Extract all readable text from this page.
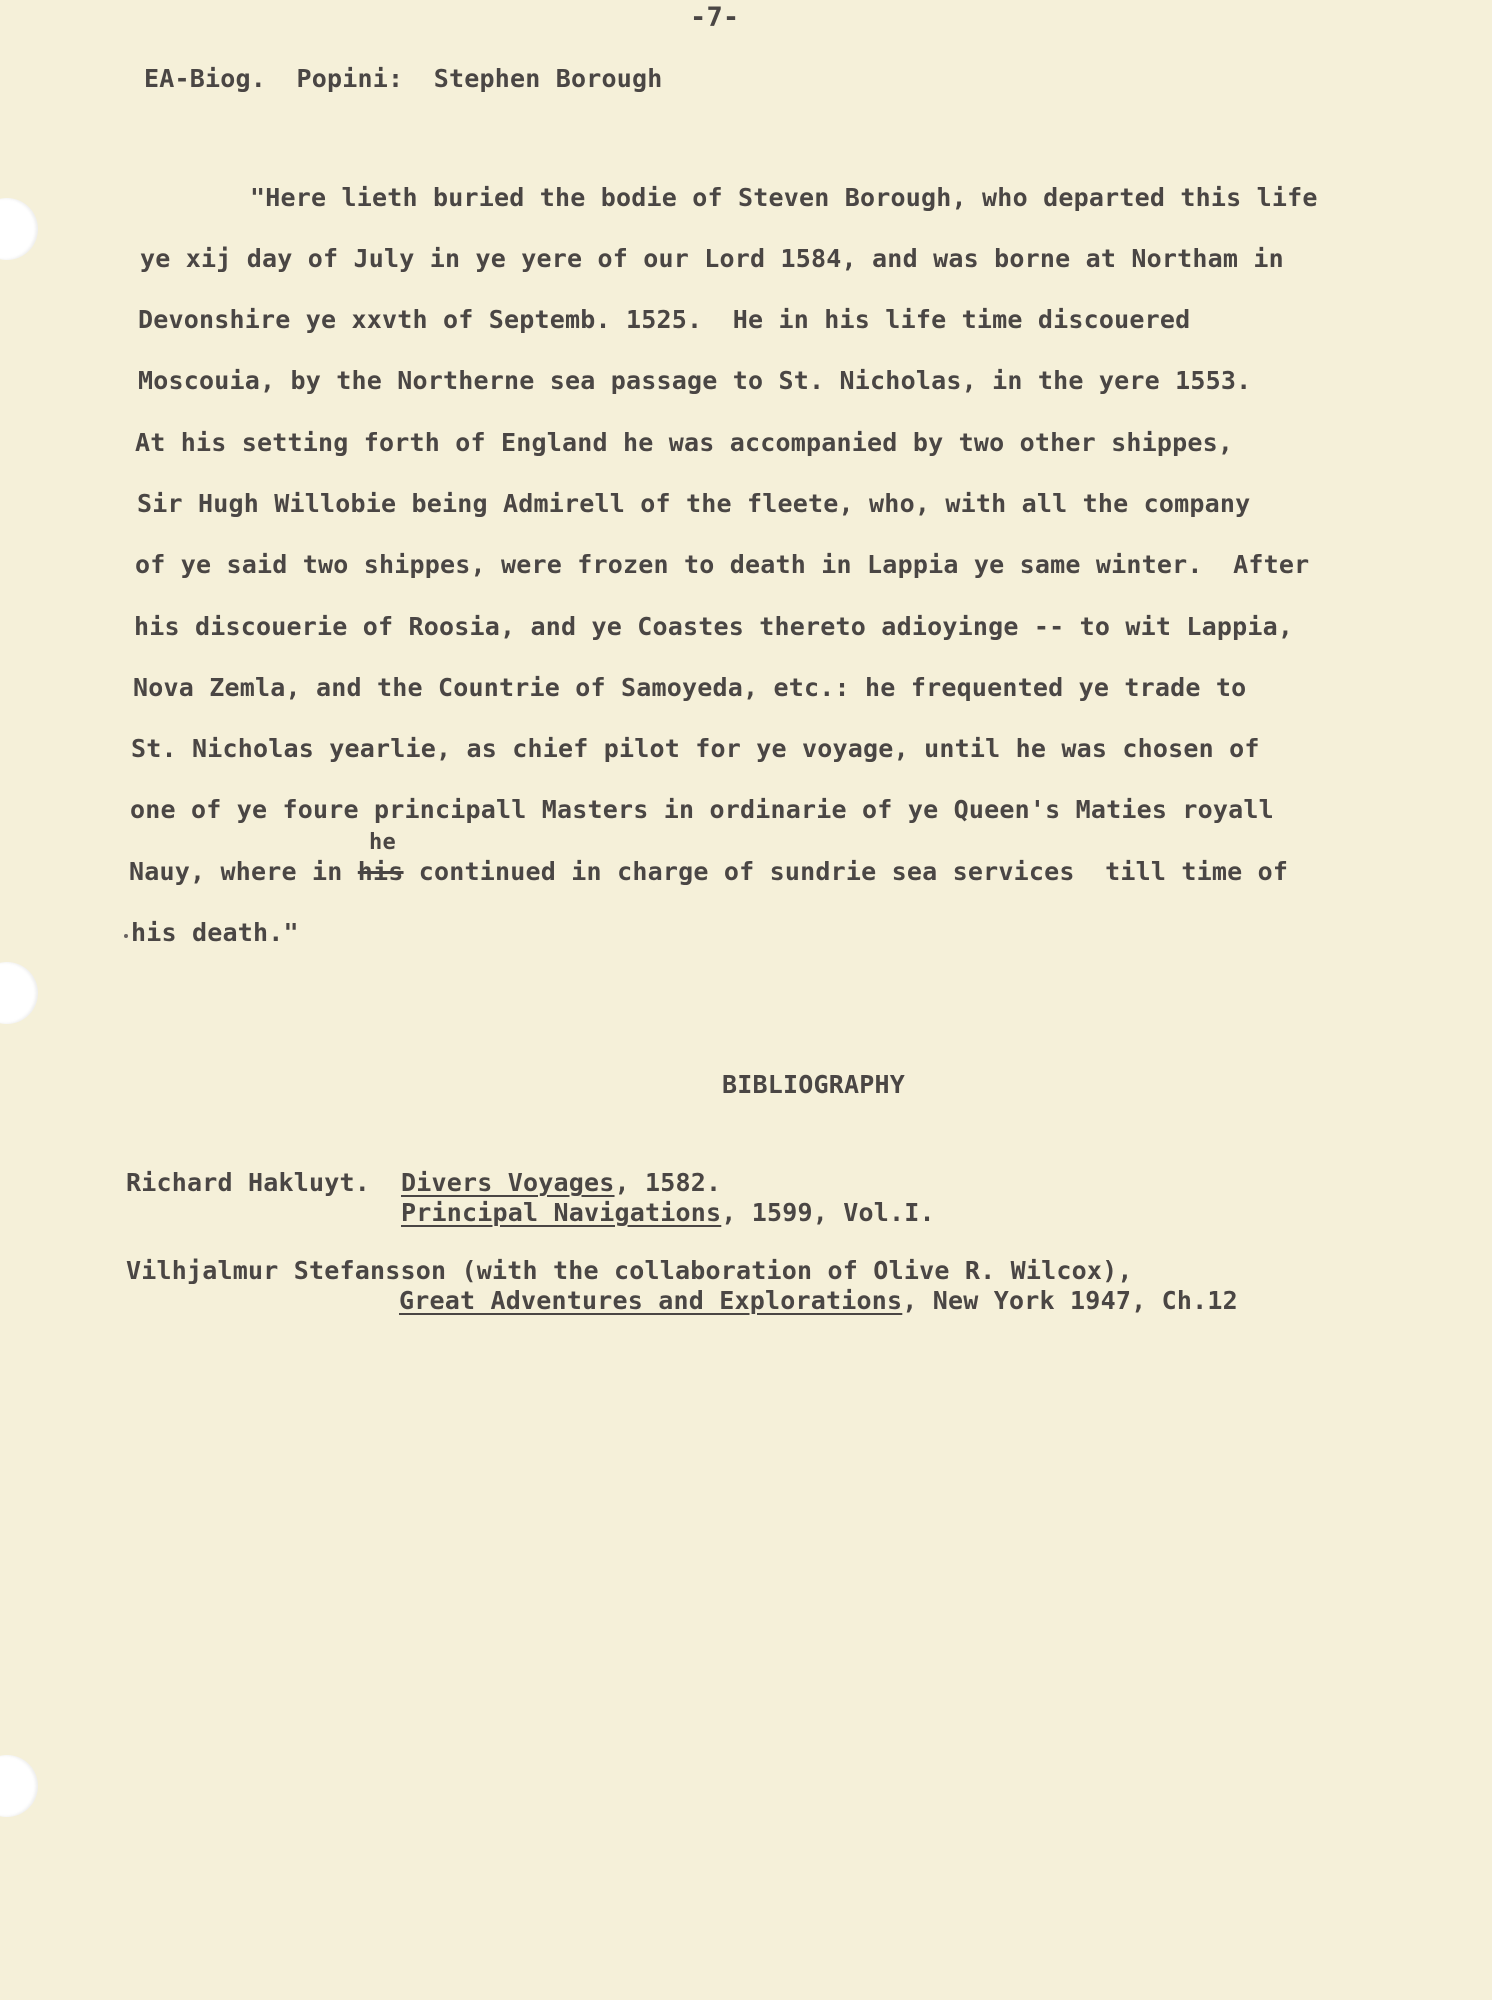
-7-
EA-Biog.  Popini:  Stephen Borough
"Here lieth buried the bodie of Steven Borough, who departed this life
ye xij day of July in ye yere of our Lord 1584, and was borne at Northam in
Devonshire ye xxvth of Septemb. 1525.  He in his life time discouered
Moscouia, by the Northerne sea passage to St. Nicholas, in the yere 1553.
At his setting forth of England he was accompanied by two other shippes,
Sir Hugh Willobie being Admirell of the fleete, who, with all the company
of ye said two shippes, were frozen to death in Lappia ye same winter.  After
his discouerie of Roosia, and ye Coastes thereto adioyinge -- to wit Lappia,
Nova Zemla, and the Countrie of Samoyeda, etc.: he frequented ye trade to
St. Nicholas yearlie, as chief pilot for ye voyage, until he was chosen of
one of ye foure principall Masters in ordinarie of ye Queen's Maties royall
he
Nauy, where in his continued in charge of sundrie sea services  till time of
his death."
BIBLIOGRAPHY
Richard Hakluyt. Divers Voyages, 1582.
Principal Navigations, 1599, Vol.I.
Vilhjalmur Stefansson (with the collaboration of Olive R. Wilcox),
Great Adventures and Explorations, New York 1947, Ch.12
